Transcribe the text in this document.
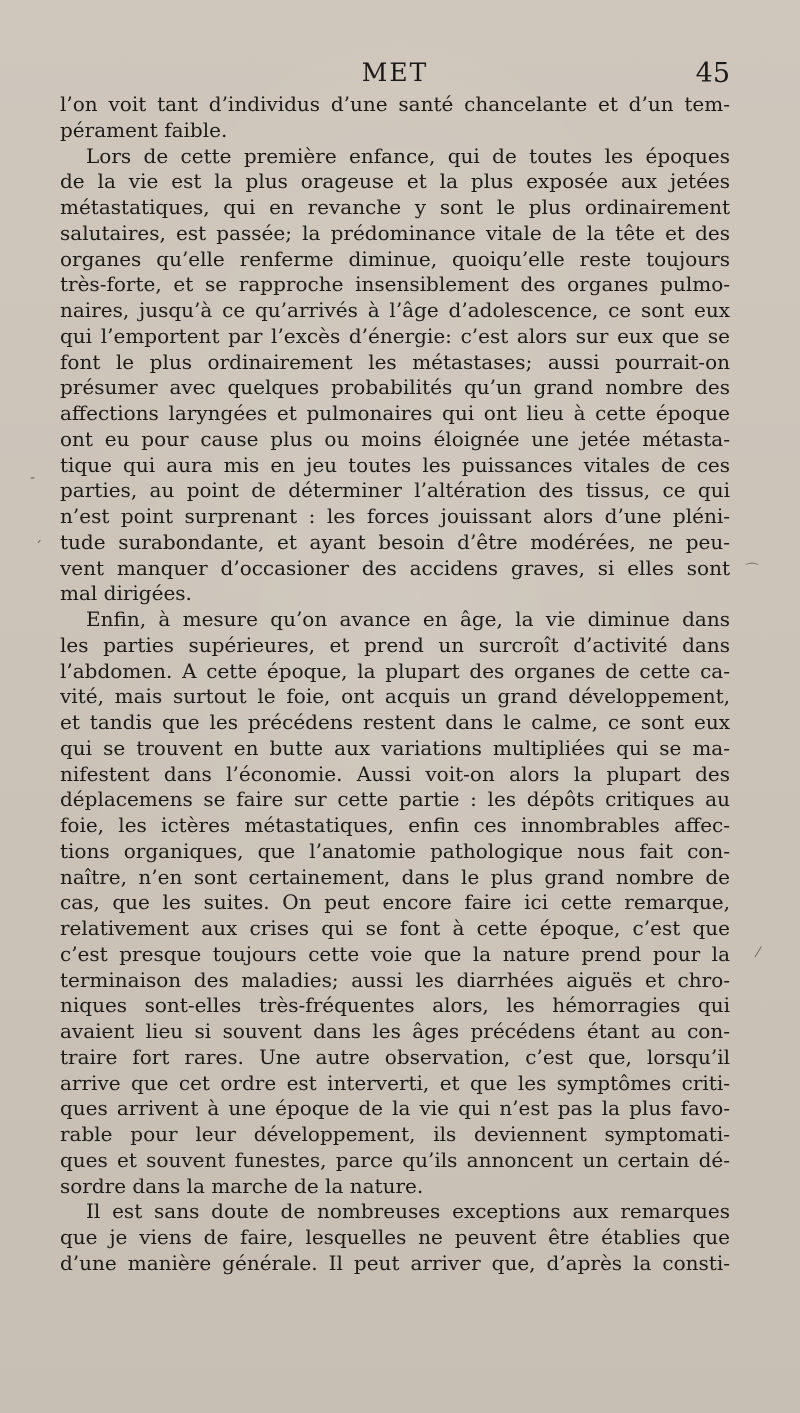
MET	45
l’on voit tant d’individus d’une santé chancelante et d’un tem-
pérament faible.
Lors de cette première enfance, qui de toutes les époques
de la vie est la plus orageuse et la plus exposée aux jetées
métastatiques, qui en revanche y sont le plus ordinairement
salutaires, est passée; la prédominance vitale de la tête et des
organes qu’elle renferme diminue, quoiqu’elle reste toujours
très-forte, et se rapproche insensiblement des organes pulmo-
naires, jusqu’à ce qu’arrivés à l’âge d’adolescence, ce sont eux
qui l’emportent par l’excès d’énergie: c’est alors sur eux que se
font le plus ordinairement les métastases; aussi pourrait-on
présumer avec quelques probabilités qu’un grand nombre des
affections laryngées et pulmonaires qui ont lieu à cette époque
ont eu pour cause plus ou moins éloignée une jetée métasta-
tique qui aura mis en jeu toutes les puissances vitales de ces
parties, au point de déterminer l’altération des tissus, ce qui
n’est point surprenant : les forces jouissant alors d’une pléni-
tude surabondante, et ayant besoin d’être modérées, ne peu-
vent manquer d’occasioner des accidens graves, si elles sont
mal dirigées.
Enfin, à mesure qu’on avance en âge, la vie diminue dans
les parties supérieures, et prend un surcroît d’activité dans
l’abdomen. A cette époque, la plupart des organes de cette ca-
vité, mais surtout le foie, ont acquis un grand développement,
et tandis que les précédens restent dans le calme, ce sont eux
qui se trouvent en butte aux variations multipliées qui se ma-
nifestent dans l’économie. Aussi voit-on alors la plupart des
déplacemens se faire sur cette partie : les dépôts critiques au
foie, les ictères métastatiques, enfin ces innombrables affec-
tions organiques, que l’anatomie pathologique nous fait con-
naître, n’en sont certainement, dans le plus grand nombre de
cas, que les suites. On peut encore faire ici cette remarque,
relativement aux crises qui se font à cette époque, c’est que
c’est presque toujours cette voie que la nature prend pour la
terminaison des maladies; aussi les diarrhées aiguës et chro-
niques sont-elles très-fréquentes alors, les hémorragies qui
avaient lieu si souvent dans les âges précédens étant au con-
traire fort rares. Une autre observation, c’est que, lorsqu’il
arrive que cet ordre est interverti, et que les symptômes criti-
ques arrivent à une époque de la vie qui n’est pas la plus favo-
rable pour leur développement, ils deviennent symptomati-
ques et souvent funestes, parce qu’ils annoncent un certain dé-
sordre dans la marche de la nature.
Il est sans doute de nombreuses exceptions aux remarques
que je viens de faire, lesquelles ne peuvent être établies que
d’une manière générale. Il peut arriver que, d’après la consti-
-
´
⌒
⁄
